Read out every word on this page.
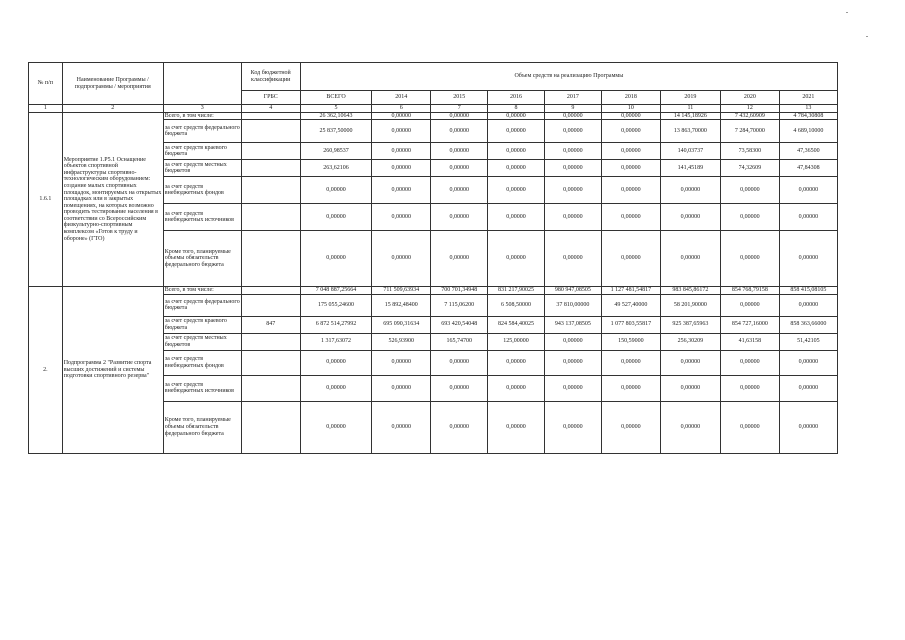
№ п/п	Наименование Программы / подпрограммы / мероприятия		Код бюджетной классификации	Объем средств на реализацию Программы								
			ГРБС	ВСЕГО	2014	2015	2016	2017	2018	2019	2020	2021
1	2	3	4	5	6	7	8	9	10	11	12	13
1.6.1	Мероприятие 1.Р5.1 Оснащение объектов спортивной инфраструктуры спортивно-технологическим оборудованием: создание малых спортивных площадок, монтируемых на открытых площадках или в закрытых помещениях, на которых возможно проводить тестирование населения в соответствии со Всероссийским физкультурно-спортивным комплексом «Готов к труду и обороне» (ГТО)	Всего, в том числе:		26 362,10643	0,00000	0,00000	0,00000	0,00000	0,00000	14 145,18926	7 432,60909	4 784,30808
		за счет средств федерального бюджета		25 837,50000	0,00000	0,00000	0,00000	0,00000	0,00000	13 863,70000	7 284,70000	4 689,10000
		за счет средств краевого бюджета		260,98537	0,00000	0,00000	0,00000	0,00000	0,00000	140,03737	73,58300	47,36500
		за счет средств местных бюджетов		263,62106	0,00000	0,00000	0,00000	0,00000	0,00000	141,45189	74,32609	47,84308
		за счет средств внебюджетных фондов		0,00000	0,00000	0,00000	0,00000	0,00000	0,00000	0,00000	0,00000	0,00000
		за счет средств внебюджетных источников		0,00000	0,00000	0,00000	0,00000	0,00000	0,00000	0,00000	0,00000	0,00000
		Кроме того, планируемые объемы обязательств федерального бюджета		0,00000	0,00000	0,00000	0,00000	0,00000	0,00000	0,00000	0,00000	0,00000
2.	Подпрограмма 2 "Развитие спорта высших достижений и системы подготовки спортивного резерва"	Всего, в том числе:		7 048 887,25664	711 509,63934	700 701,34948	831 217,90025	980 947,08505	1 127 481,54817	983 845,86172	854 768,79158	858 415,08105
		за счет средств федерального бюджета		175 055,24600	15 892,48400	7 115,06200	6 508,50000	37 810,00000	49 527,40000	58 201,90000	0,00000	0,00000
		за счет средств краевого бюджета	847	6 872 514,27992	695 090,31634	693 420,54048	824 584,40025	943 137,08505	1 077 803,55817	925 387,65963	854 727,16000	858 363,66000
		за счет средств местных бюджетов		1 317,63072	526,93900	165,74700	125,00000	0,00000	150,59000	256,30209	41,63158	51,42105
		за счет средств внебюджетных фондов		0,00000	0,00000	0,00000	0,00000	0,00000	0,00000	0,00000	0,00000	0,00000
		за счет средств внебюджетных источников		0,00000	0,00000	0,00000	0,00000	0,00000	0,00000	0,00000	0,00000	0,00000
		Кроме того, планируемые объемы обязательств федерального бюджета		0,00000	0,00000	0,00000	0,00000	0,00000	0,00000	0,00000	0,00000	0,00000
